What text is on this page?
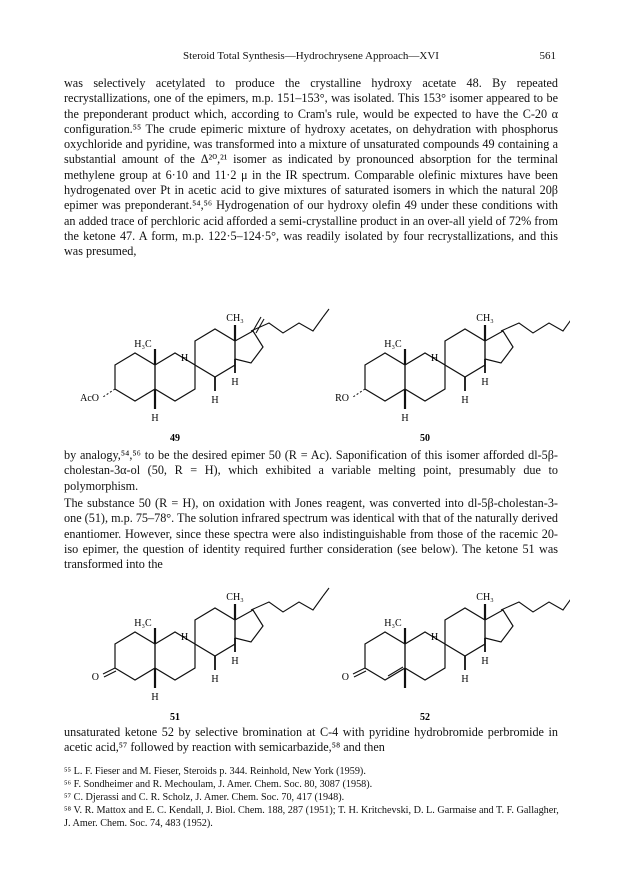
Steroid Total Synthesis—Hydrochrysene Approach—XVI	561

was selectively acetylated to produce the crystalline hydroxy acetate 48. By repeated recrystallizations, one of the epimers, m.p. 151–153°, was isolated. This 153° isomer appeared to be the preponderant product which, according to Cram's rule, would be expected to have the C-20 α configuration.⁵⁵ The crude epimeric mixture of hydroxy acetates, on dehydration with phosphorus oxychloride and pyridine, was transformed into a mixture of unsaturated compounds 49 containing a substantial amount of the Δ²⁰,²¹ isomer as indicated by pronounced absorption for the terminal methylene group at 6·10 and 11·2 μ in the IR spectrum. Comparable olefinic mixtures have been hydrogenated over Pt in acetic acid to give mixtures of saturated isomers in which the natural 20β epimer was preponderant.⁵⁴,⁵⁶ Hydrogenation of our hydroxy olefin 49 under these conditions with an added trace of perchloric acid afforded a semi-crystalline product in an over-all yield of 72% from the ketone 47. A form, m.p. 122·5–124·5°, was readily isolated by four recrystallizations, and this was presumed,

CH₃
H₃C
H
H
H
H
AcO
49
CH₃
H₃C
H
H
H
H
RO
50

by analogy,⁵⁴,⁵⁶ to be the desired epimer 50 (R = Ac). Saponification of this isomer afforded dl-5β-cholestan-3α-ol (50, R = H), which exhibited a variable melting point, presumably due to polymorphism.

The substance 50 (R = H), on oxidation with Jones reagent, was converted into dl-5β-cholestan-3-one (51), m.p. 75–78°. The solution infrared spectrum was identical with that of the naturally derived enantiomer. However, since these spectra were also indistinguishable from those of the racemic 20-iso epimer, the question of identity required further consideration (see below). The ketone 51 was transformed into the

CH₃
H₃C
H
H
H
H
O
51
CH₃
H₃C
H
H
H
O
52

unsaturated ketone 52 by selective bromination at C-4 with pyridine hydrobromide perbromide in acetic acid,⁵⁷ followed by reaction with semicarbazide,⁵⁸ and then

⁵⁵ L. F. Fieser and M. Fieser, Steroids p. 344. Reinhold, New York (1959).

⁵⁶ F. Sondheimer and R. Mechoulam, J. Amer. Chem. Soc. 80, 3087 (1958).

⁵⁷ C. Djerassi and C. R. Scholz, J. Amer. Chem. Soc. 70, 417 (1948).

⁵⁸ V. R. Mattox and E. C. Kendall, J. Biol. Chem. 188, 287 (1951); T. H. Kritchevski, D. L. Garmaise and T. F. Gallagher, J. Amer. Chem. Soc. 74, 483 (1952).
